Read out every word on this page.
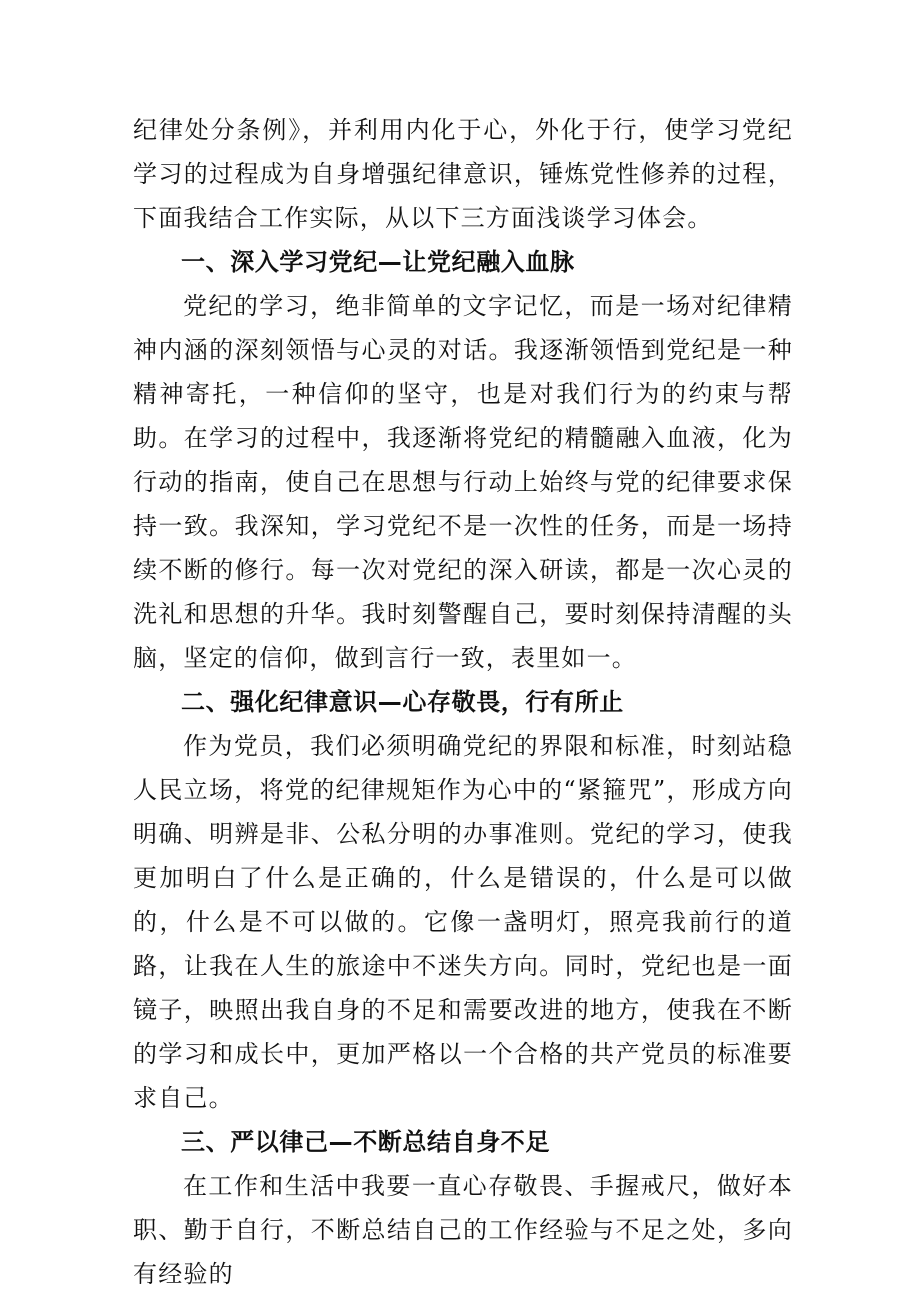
纪律处分条例》，并利用内化于心，外化于行，使学习党纪学习的过程成为自身增强纪律意识，锤炼党性修养的过程，下面我结合工作实际，从以下三方面浅谈学习体会。

一、深入学习党纪—让党纪融入血脉

党纪的学习，绝非简单的文字记忆，而是一场对纪律精神内涵的深刻领悟与心灵的对话。我逐渐领悟到党纪是一种精神寄托，一种信仰的坚守，也是对我们行为的约束与帮助。在学习的过程中，我逐渐将党纪的精髓融入血液，化为行动的指南，使自己在思想与行动上始终与党的纪律要求保持一致。我深知，学习党纪不是一次性的任务，而是一场持续不断的修行。每一次对党纪的深入研读，都是一次心灵的洗礼和思想的升华。我时刻警醒自己，要时刻保持清醒的头脑，坚定的信仰，做到言行一致，表里如一。

二、强化纪律意识—心存敬畏，行有所止

作为党员，我们必须明确党纪的界限和标准，时刻站稳人民立场，将党的纪律规矩作为心中的“紧箍咒”，形成方向明确、明辨是非、公私分明的办事准则。党纪的学习，使我更加明白了什么是正确的，什么是错误的，什么是可以做的，什么是不可以做的。它像一盏明灯，照亮我前行的道路，让我在人生的旅途中不迷失方向。同时，党纪也是一面镜子，映照出我自身的不足和需要改进的地方，使我在不断的学习和成长中，更加严格以一个合格的共产党员的标准要求自己。

三、严以律己—不断总结自身不足

在工作和生活中我要一直心存敬畏、手握戒尺，做好本职、勤于自行，不断总结自己的工作经验与不足之处，多向有经验的
